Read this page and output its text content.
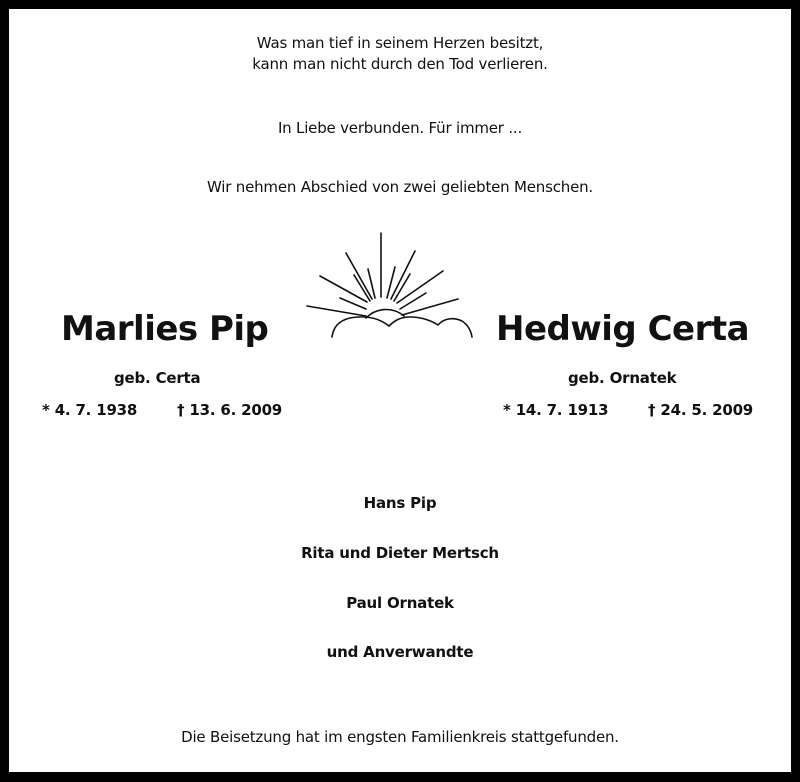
Was man tief in seinem Herzen besitzt,
kann man nicht durch den Tod verlieren.
In Liebe verbunden. Für immer ...
Wir nehmen Abschied von zwei geliebten Menschen.
Marlies Pip
geb. Certa
* 4. 7. 1938	† 13. 6. 2009
Hedwig Certa
geb. Ornatek
* 14. 7. 1913	† 24. 5. 2009
Hans Pip
Rita und Dieter Mertsch
Paul Ornatek
und Anverwandte
Die Beisetzung hat im engsten Familienkreis stattgefunden.
